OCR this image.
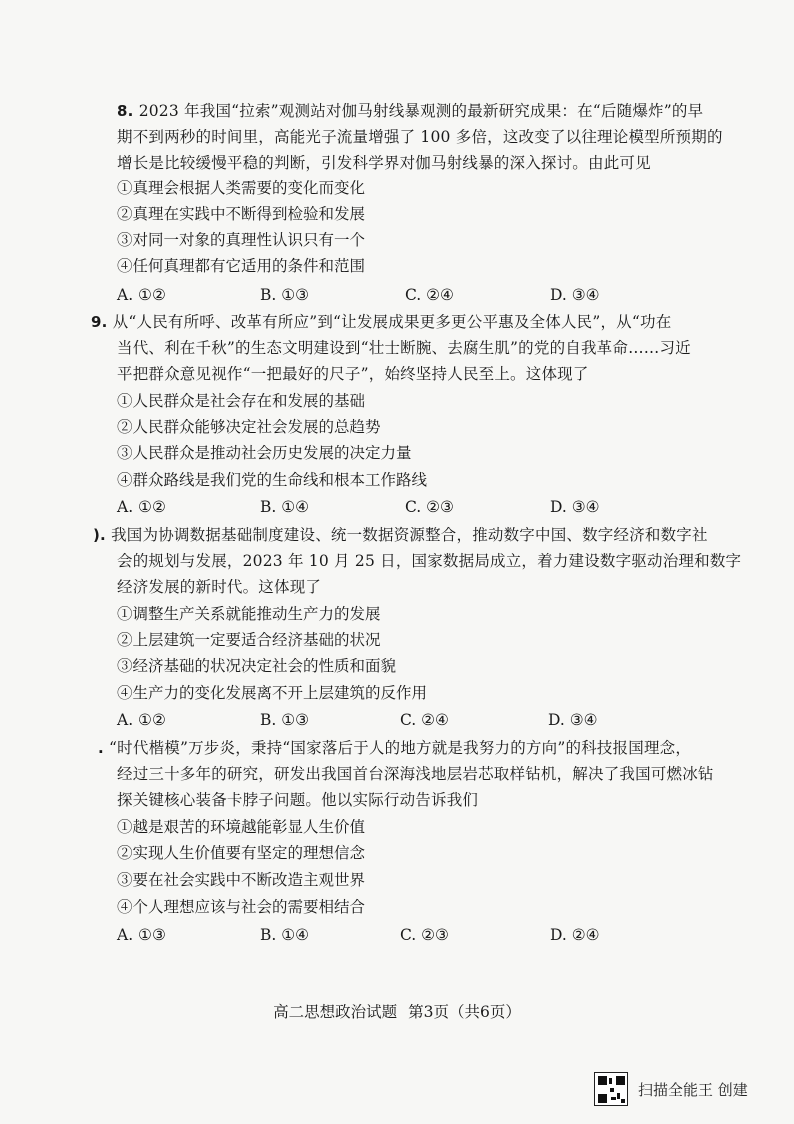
8. 2023 年我国“拉索”观测站对伽马射线暴观测的最新研究成果：在“后随爆炸”的早
期不到两秒的时间里，高能光子流量增强了 100 多倍，这改变了以往理论模型所预期的
增长是比较缓慢平稳的判断，引发科学界对伽马射线暴的深入探讨。由此可见
①真理会根据人类需要的变化而变化
②真理在实践中不断得到检验和发展
③对同一对象的真理性认识只有一个
④任何真理都有它适用的条件和范围
A. ①②	B. ①③	C. ②④	D. ③④
9. 从“人民有所呼、改革有所应”到“让发展成果更多更公平惠及全体人民”，从“功在
当代、利在千秋”的生态文明建设到“壮士断腕、去腐生肌”的党的自我革命……习近
平把群众意见视作“一把最好的尺子”，始终坚持人民至上。这体现了
①人民群众是社会存在和发展的基础
②人民群众能够决定社会发展的总趋势
③人民群众是推动社会历史发展的决定力量
④群众路线是我们党的生命线和根本工作路线
A. ①②	B. ①④	C. ②③	D. ③④
). 我国为协调数据基础制度建设、统一数据资源整合，推动数字中国、数字经济和数字社
会的规划与发展，2023 年 10 月 25 日，国家数据局成立，着力建设数字驱动治理和数字
经济发展的新时代。这体现了
①调整生产关系就能推动生产力的发展
②上层建筑一定要适合经济基础的状况
③经济基础的状况决定社会的性质和面貌
④生产力的变化发展离不开上层建筑的反作用
A. ①②	B. ①③	C. ②④	D. ③④
. “时代楷模”万步炎，秉持“国家落后于人的地方就是我努力的方向”的科技报国理念，
经过三十多年的研究，研发出我国首台深海浅地层岩芯取样钻机，解决了我国可燃冰钻
探关键核心装备卡脖子问题。他以实际行动告诉我们
①越是艰苦的环境越能彰显人生价值
②实现人生价值要有坚定的理想信念
③要在社会实践中不断改造主观世界
④个人理想应该与社会的需要相结合
A. ①③	B. ①④	C. ②③	D. ②④
高二思想政治试题 第3页（共6页）
扫描全能王 创建
